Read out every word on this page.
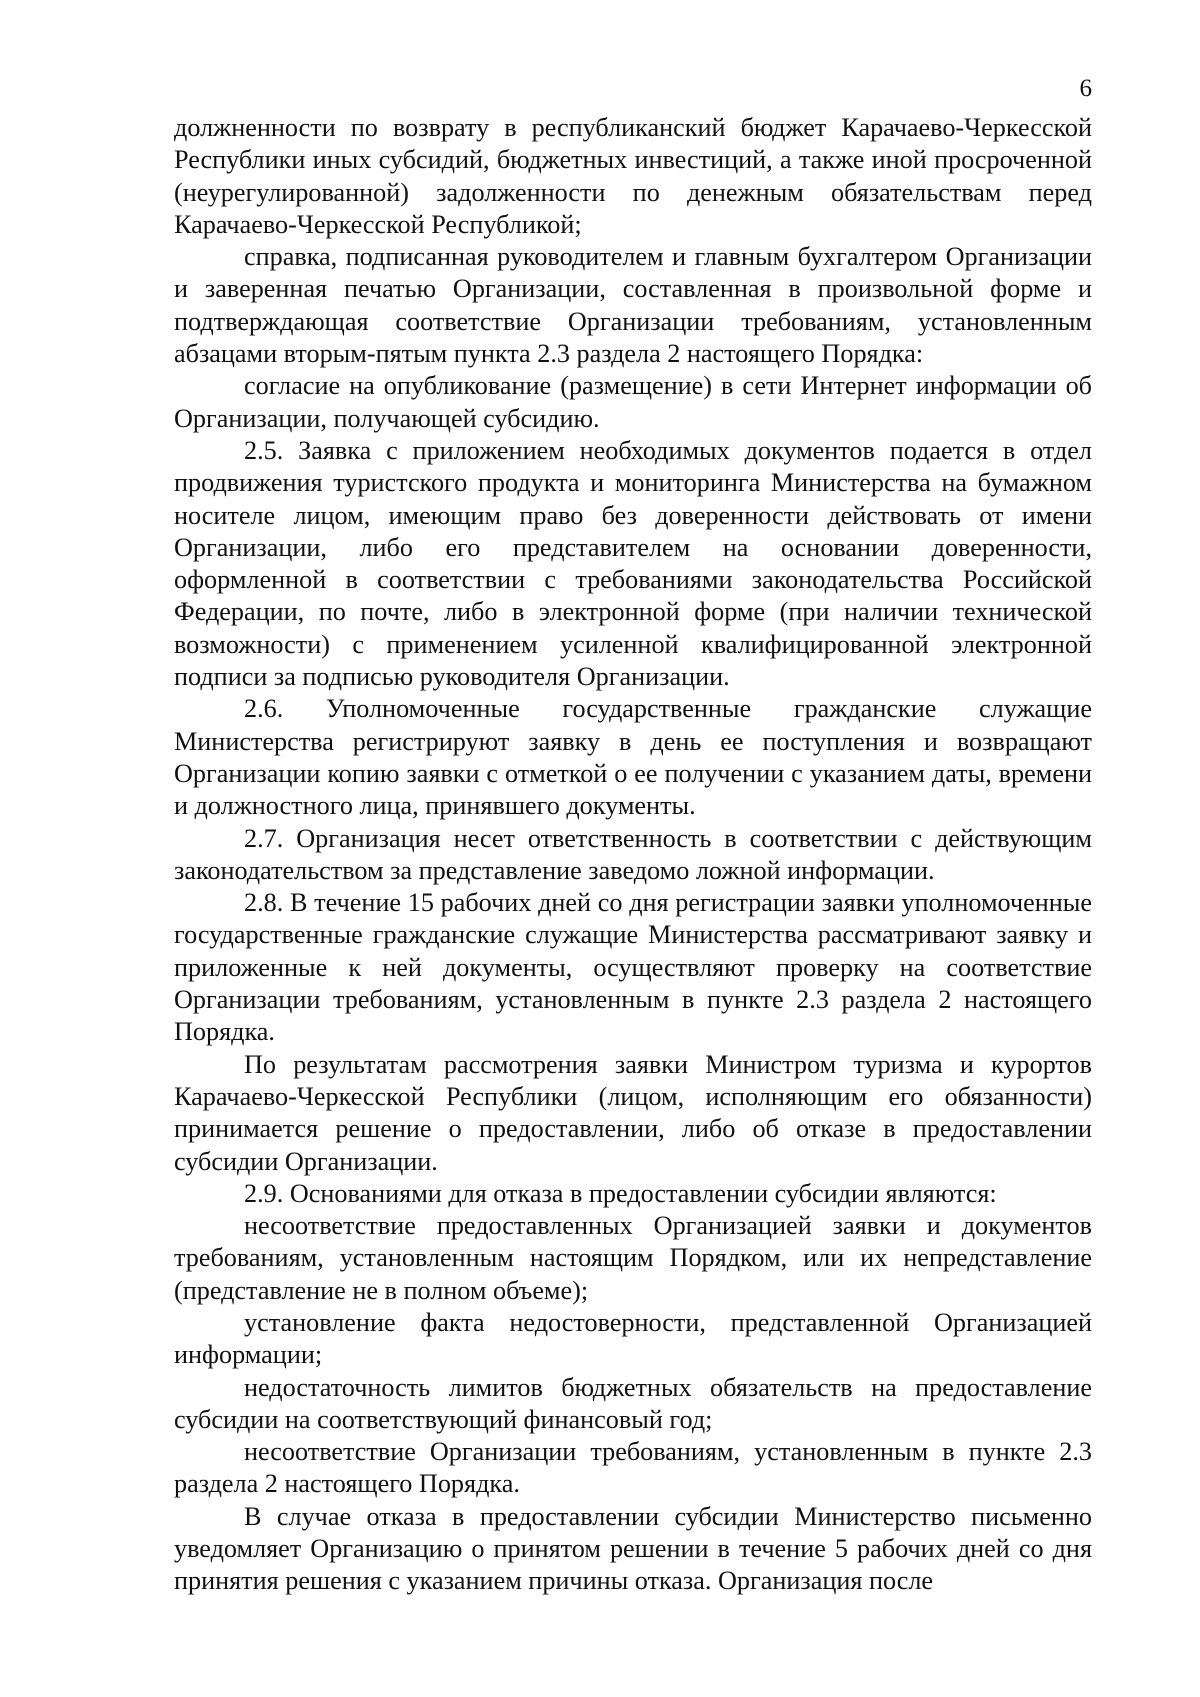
6

должненности по возврату в республиканский бюджет Карачаево-Черкесской Республики иных субсидий, бюджетных инвестиций, а также иной просроченной (неурегулированной) задолженности по денежным обязательствам перед Карачаево-Черкесской Республикой;

справка, подписанная руководителем и главным бухгалтером Организации и заверенная печатью Организации, составленная в произвольной форме и подтверждающая соответствие Организации требованиям, установленным абзацами вторым-пятым пункта 2.3 раздела 2 настоящего Порядка:

согласие на опубликование (размещение) в сети Интернет информации об Организации, получающей субсидию.

2.5. Заявка с приложением необходимых документов подается в отдел продвижения туристского продукта и мониторинга Министерства на бумажном носителе лицом, имеющим право без доверенности действовать от имени Организации, либо его представителем на основании доверенности, оформленной в соответствии с требованиями законодательства Российской Федерации, по почте, либо в электронной форме (при наличии технической возможности) с применением усиленной квалифицированной электронной подписи за подписью руководителя Организации.

2.6. Уполномоченные государственные гражданские служащие Министерства регистрируют заявку в день ее поступления и возвращают Организации копию заявки с отметкой о ее получении с указанием даты, времени и должностного лица, принявшего документы.

2.7. Организация несет ответственность в соответствии с действующим законодательством за представление заведомо ложной информации.

2.8. В течение 15 рабочих дней со дня регистрации заявки уполномоченные государственные гражданские служащие Министерства рассматривают заявку и приложенные к ней документы, осуществляют проверку на соответствие Организации требованиям, установленным в пункте 2.3 раздела 2 настоящего Порядка.

По результатам рассмотрения заявки Министром туризма и курортов Карачаево-Черкесской Республики (лицом, исполняющим его обязанности) принимается решение о предоставлении, либо об отказе в предоставлении субсидии Организации.

2.9. Основаниями для отказа в предоставлении субсидии являются:

несоответствие предоставленных Организацией заявки и документов требованиям, установленным настоящим Порядком, или их непредставление (представление не в полном объеме);

установление факта недостоверности, представленной Организацией информации;

недостаточность лимитов бюджетных обязательств на предоставление субсидии на соответствующий финансовый год;

несоответствие Организации требованиям, установленным в пункте 2.3 раздела 2 настоящего Порядка.

В случае отказа в предоставлении субсидии Министерство письменно уведомляет Организацию о принятом решении в течение 5 рабочих дней со дня принятия решения с указанием причины отказа. Организация после
